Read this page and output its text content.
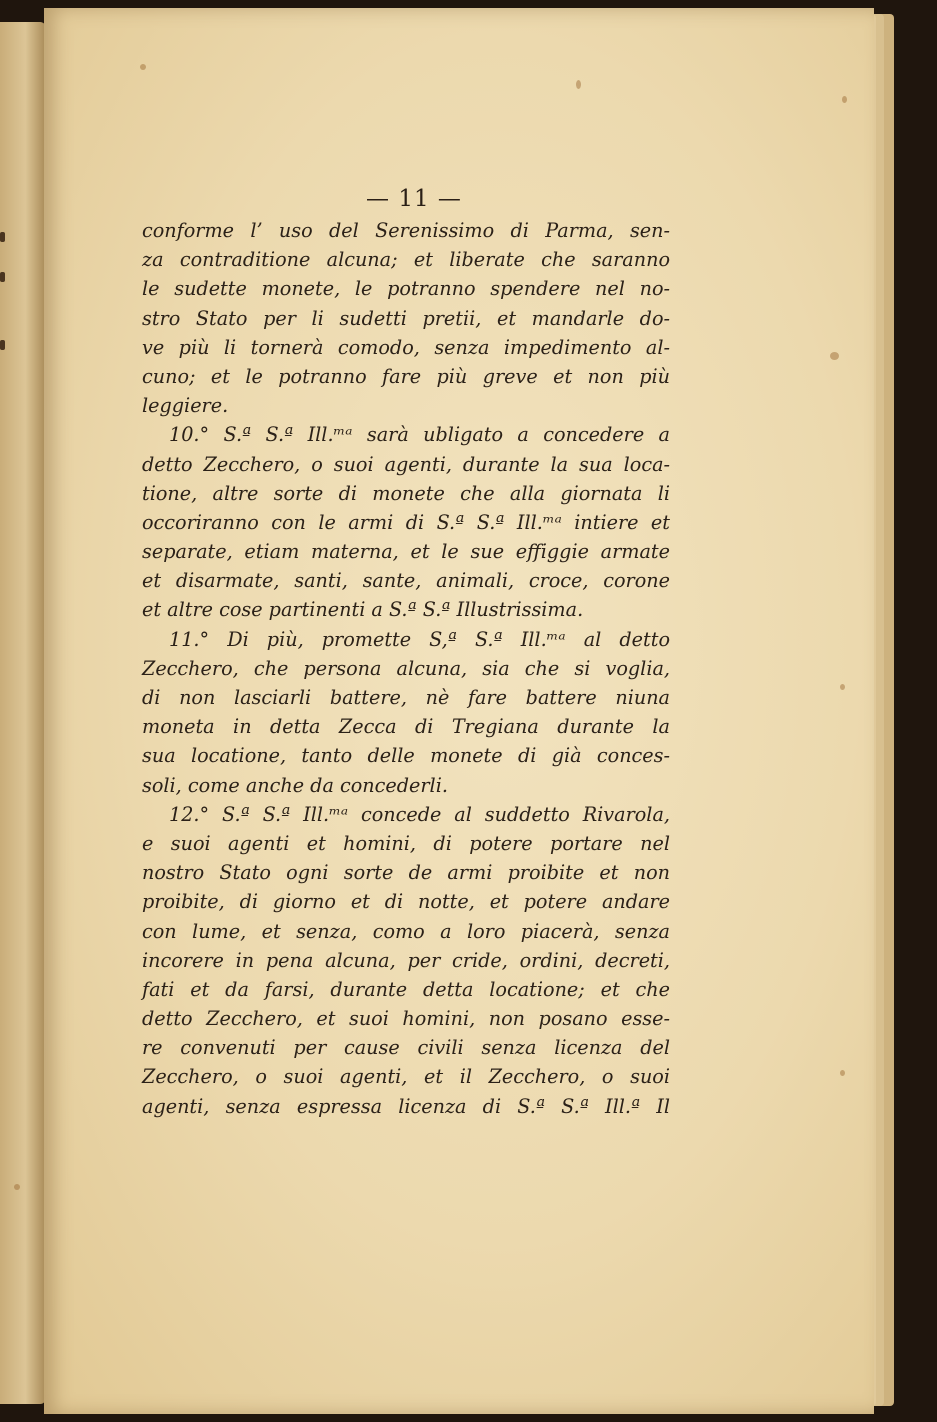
— 11 —
conforme l’ uso del Serenissimo di Parma, sen-
za contraditione alcuna; et liberate che saranno
le sudette monete, le potranno spendere nel no-
stro Stato per li sudetti pretii, et mandarle do-
ve più li tornerà comodo, senza impedimento al-
cuno; et le potranno fare più greve et non più
leggiere.
10.° S.ª S.ª Ill.ᵐᵃ sarà ubligato a concedere a
detto Zecchero, o suoi agenti, durante la sua loca-
tione, altre sorte di monete che alla giornata li
occoriranno con le armi di S.ª S.ª Ill.ᵐᵃ intiere et
separate, etiam materna, et le sue effiggie armate
et disarmate, santi, sante, animali, croce, corone
et altre cose partinenti a S.ª S.ª Illustrissima.
11.° Di più, promette S,ª S.ª Ill.ᵐᵃ al detto
Zecchero, che persona alcuna, sia che si voglia,
di non lasciarli battere, nè fare battere niuna
moneta in detta Zecca di Tregiana durante la
sua locatione, tanto delle monete di già conces-
soli, come anche da concederli.
12.° S.ª S.ª Ill.ᵐᵃ concede al suddetto Rivarola,
e suoi agenti et homini, di potere portare nel
nostro Stato ogni sorte de armi proibite et non
proibite, di giorno et di notte, et potere andare
con lume, et senza, como a loro piacerà, senza
incorere in pena alcuna, per cride, ordini, decreti,
fati et da farsi, durante detta locatione; et che
detto Zecchero, et suoi homini, non posano esse-
re convenuti per cause civili senza licenza del
Zecchero, o suoi agenti, et il Zecchero, o suoi
agenti, senza espressa licenza di S.ª S.ª Ill.ª Il
